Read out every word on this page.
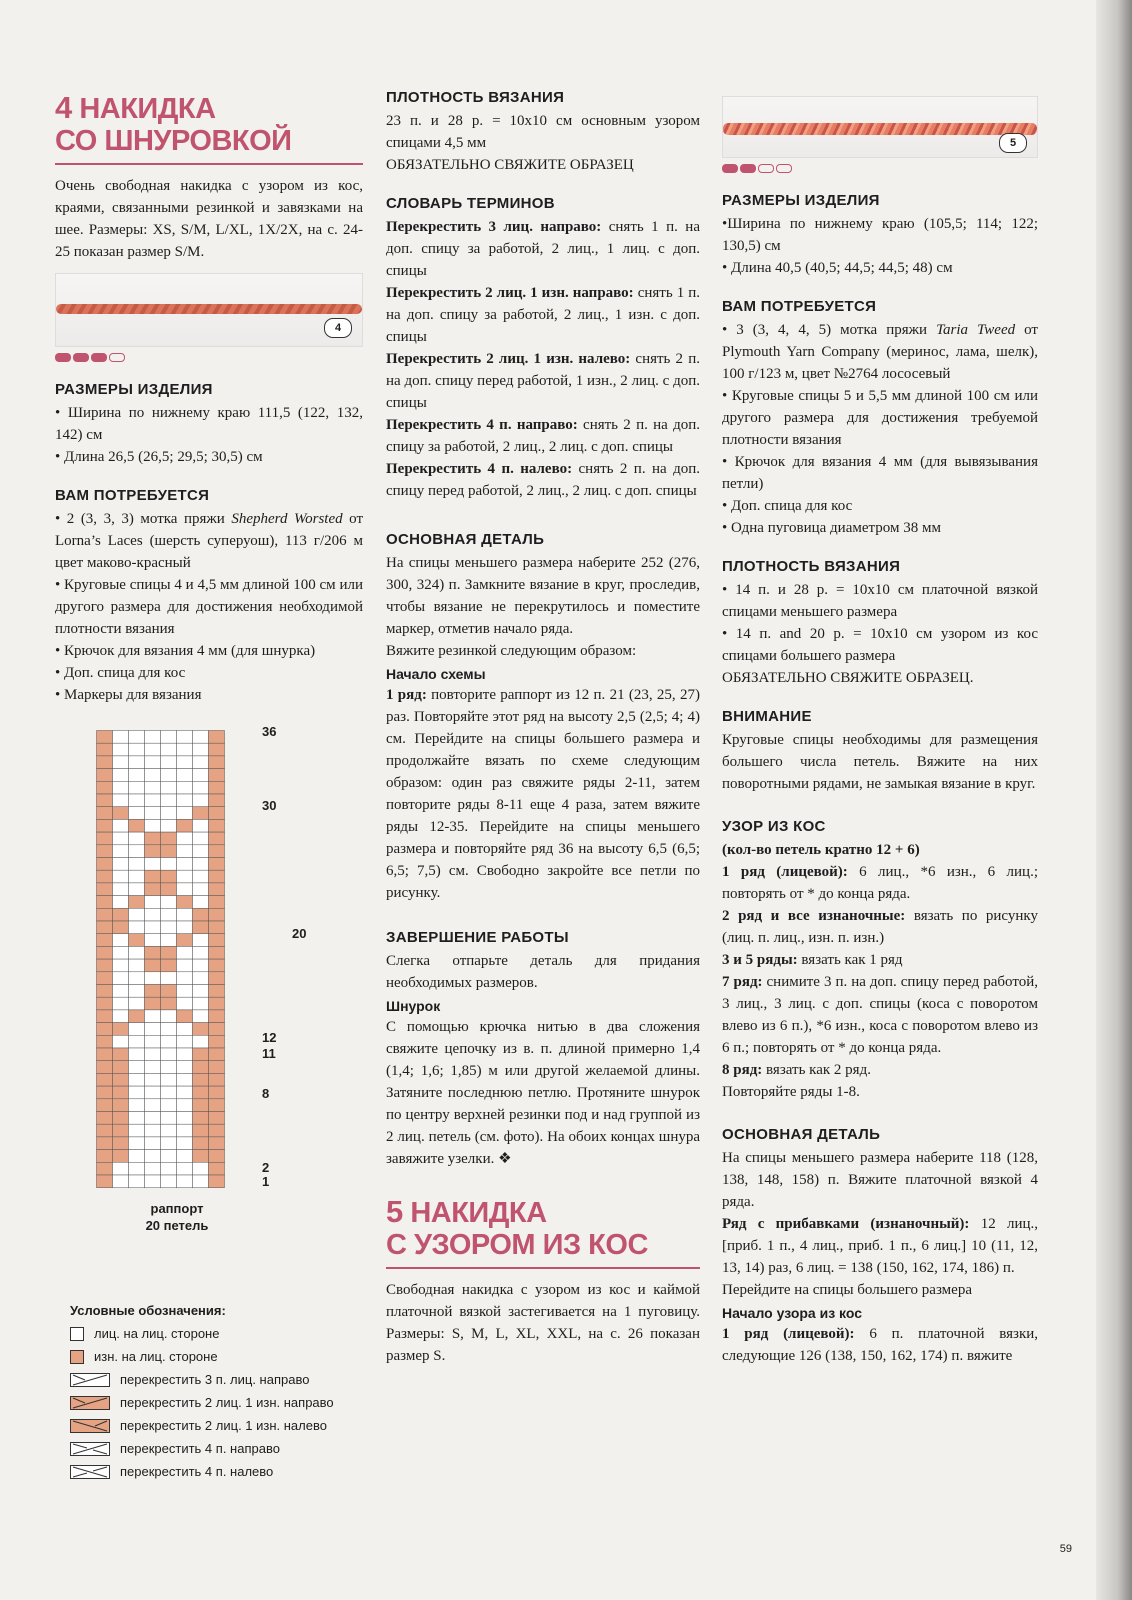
4 НАКИДКА
СО ШНУРОВКОЙ

Очень свободная накидка с узором из кос, краями, связанными резинкой и завязками на шее. Размеры: XS, S/M, L/XL, 1X/2X, на с. 24-25 показан размер S/M.

4
РАЗМЕРЫ ИЗДЕЛИЯ

• Ширина по нижнему краю 111,5 (122, 132, 142) см

• Длина 26,5 (26,5; 29,5; 30,5) см

ВАМ ПОТРЕБУЕТСЯ

• 2 (3, 3, 3) мотка пряжи Shepherd Worsted от Lorna’s Laces (шерсть суперуош), 113 г/206 м цвет маково-красный

• Круговые спицы 4 и 4,5 мм длиной 100 см или другого размера для достижения необходимой плотности вязания

• Крючок для вязания 4 мм (для шнурка)

• Доп. спица для кос

• Маркеры для вязания

36
30
20
12
11
8
2
1
раппорт
20 петель
Условные обозначения:
лиц. на лиц. стороне
изн. на лиц. стороне
перекрестить 3 п. лиц. направо
перекрестить 2 лиц. 1 изн. направо
перекрестить 2 лиц. 1 изн. налево
перекрестить 4 п. направо
перекрестить 4 п. налево
ПЛОТНОСТЬ ВЯЗАНИЯ

23 п. и 28 р. = 10x10 см основным узором спицами 4,5 мм

ОБЯЗАТЕЛЬНО СВЯЖИТЕ ОБРАЗЕЦ

СЛОВАРЬ ТЕРМИНОВ

Перекрестить 3 лиц. направо: снять 1 п. на доп. спицу за работой, 2 лиц., 1 лиц. с доп. спицы

Перекрестить 2 лиц. 1 изн. направо: снять 1 п. на доп. спицу за работой, 2 лиц., 1 изн. с доп. спицы

Перекрестить 2 лиц. 1 изн. налево: снять 2 п. на доп. спицу перед работой, 1 изн., 2 лиц. с доп. спицы

Перекрестить 4 п. направо: снять 2 п. на доп. спицу за работой, 2 лиц., 2 лиц. с доп. спицы

Перекрестить 4 п. налево: снять 2 п. на доп. спицу перед работой, 2 лиц., 2 лиц. с доп. спицы

ОСНОВНАЯ ДЕТАЛЬ

На спицы меньшего размера наберите 252 (276, 300, 324) п. Замкните вязание в круг, проследив, чтобы вязание не перекрутилось и поместите маркер, отметив начало ряда.

Вяжите резинкой следующим образом:

Начало схемы

1 ряд: повторите раппорт из 12 п. 21 (23, 25, 27) раз. Повторяйте этот ряд на высоту 2,5 (2,5; 4; 4) см. Перейдите на спицы большего размера и продолжайте вязать по схеме следующим образом: один раз свяжите ряды 2-11, затем повторите ряды 8-11 еще 4 раза, затем вяжите ряды 12-35. Перейдите на спицы меньшего размера и повторяйте ряд 36 на высоту 6,5 (6,5; 6,5; 7,5) см. Свободно закройте все петли по рисунку.

ЗАВЕРШЕНИЕ РАБОТЫ

Слегка отпарьте деталь для придания необходимых размеров.

Шнурок

С помощью крючка нитью в два сложения свяжите цепочку из в. п. длиной примерно 1,4 (1,4; 1,6; 1,85) м или другой желаемой длины. Затяните последнюю петлю. Протяните шнурок по центру верхней резинки под и над группой из 2 лиц. петель (см. фото). На обоих концах шнура завяжите узелки. ❖

5 НАКИДКА
С УЗОРОМ ИЗ КОС

Свободная накидка с узором из кос и каймой платочной вязкой застегивается на 1 пуговицу. Размеры: S, M, L, XL, XXL, на с. 26 показан размер S.

5
РАЗМЕРЫ ИЗДЕЛИЯ

•Ширина по нижнему краю (105,5; 114; 122; 130,5) см

• Длина 40,5 (40,5; 44,5; 44,5; 48) см

ВАМ ПОТРЕБУЕТСЯ

• 3 (3, 4, 4, 5) мотка пряжи Taria Tweed от Plymouth Yarn Company (меринос, лама, шелк), 100 г/123 м, цвет №2764 лососевый

• Круговые спицы 5 и 5,5 мм длиной 100 см или другого размера для достижения требуемой плотности вязания

• Крючок для вязания 4 мм (для вывязывания петли)

• Доп. спица для кос

• Одна пуговица диаметром 38 мм

ПЛОТНОСТЬ ВЯЗАНИЯ

• 14 п. и 28 р. = 10x10 см платочной вязкой спицами меньшего размера

• 14 п. and 20 р. = 10x10 см узором из кос спицами большего размера

ОБЯЗАТЕЛЬНО СВЯЖИТЕ ОБРАЗЕЦ.

ВНИМАНИЕ

Круговые спицы необходимы для размещения большего числа петель. Вяжите на них поворотными рядами, не замыкая вязание в круг.

УЗОР ИЗ КОС

(кол-во петель кратно 12 + 6)

1 ряд (лицевой): 6 лиц., *6 изн., 6 лиц.; повторять от * до конца ряда.

2 ряд и все изнаночные: вязать по рисунку (лиц. п. лиц., изн. п. изн.)

3 и 5 ряды: вязать как 1 ряд

7 ряд: снимите 3 п. на доп. спицу перед работой, 3 лиц., 3 лиц. с доп. спицы (коса с поворотом влево из 6 п.), *6 изн., коса с поворотом влево из 6 п.; повторять от * до конца ряда.

8 ряд: вязать как 2 ряд.

Повторяйте ряды 1-8.

ОСНОВНАЯ ДЕТАЛЬ

На спицы меньшего размера наберите 118 (128, 138, 148, 158) п. Вяжите платочной вязкой 4 ряда.

Ряд с прибавками (изнаночный): 12 лиц., [приб. 1 п., 4 лиц., приб. 1 п., 6 лиц.] 10 (11, 12, 13, 14) раз, 6 лиц. = 138 (150, 162, 174, 186) п.

Перейдите на спицы большего размера

Начало узора из кос

1 ряд (лицевой): 6 п. платочной вязки, следующие 126 (138, 150, 162, 174) п. вяжите

59
